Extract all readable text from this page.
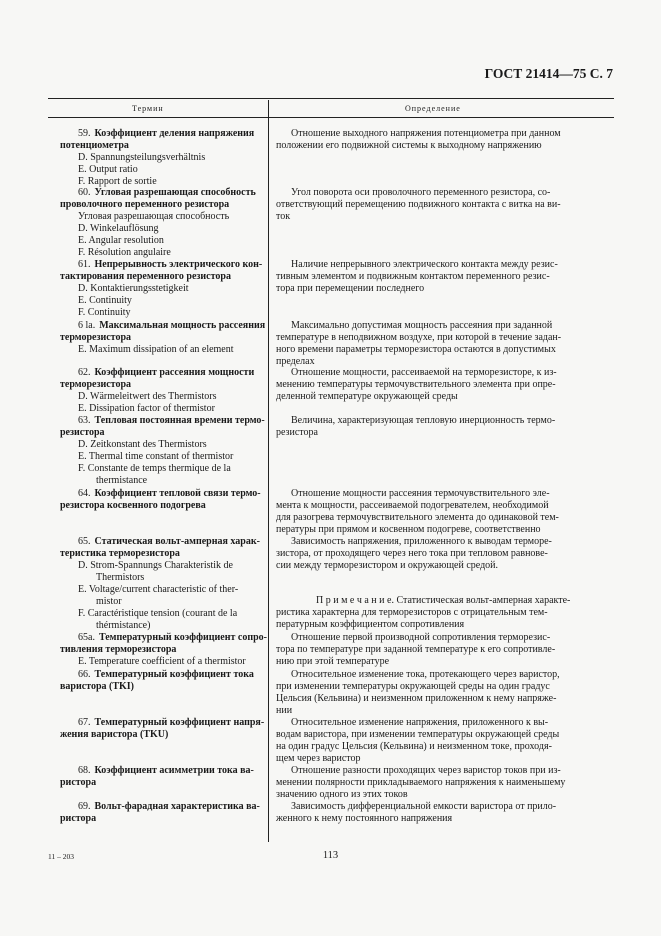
ГОСТ 21414—75 С. 7
Термин	Определение
59. Коэффициент деления напряжения
потенциометра
D. Spannungsteilungsverhältnis
E. Output ratio
F. Rapport de sortie
60. Угловая разрешающая способность
проволочного переменного резистора
Угловая разрешающая способность
D. Winkelauflösung
E. Angular resolution
F. Résolution angulaire
61. Непрерывность электрического кон-
тактирования переменного резистора
D. Kontaktierungsstetigkeit
E. Continuity
F. Continuity
6 la. Максимальная мощность рассеяния
терморезистора
E. Maximum dissipation of an element
62. Коэффициент рассеяния мощности
терморезистора
D. Wärmeleitwert des Thermistors
E. Dissipation factor of thermistor
63. Тепловая постоянная времени термо-
резистора
D. Zeitkonstant des Thermistors
E. Thermal time constant of thermistor
F. Constante de temps thermique de la
thermistance
64. Коэффициент тепловой связи термо-
резистора косвенного подогрева
65. Статическая вольт-амперная харак-
теристика терморезистора
D. Strom-Spannungs Charakteristik de
Thermistors
E. Voltage/current characteristic of ther-
mistor
F. Caractéristique tension (courant de la
thérmistance)
65а. Температурный коэффициент сопро-
тивления терморезистора
E. Temperature coefficient of a thermistor
66. Температурный коэффициент тока
варистора (TKI)
67. Температурный коэффициент напря-
жения варистора (TKU)
68. Коэффициент асимметрии тока ва-
ристора
69. Вольт-фарадная характеристика ва-
ристора
Отношение выходного напряжения потенциометра при данном
положении его подвижной системы к выходному напряжению
Угол поворота оси проволочного переменного резистора, со-
ответствующий перемещению подвижного контакта с витка на ви-
ток
Наличие непрерывного электрического контакта между резис-
тивным элементом и подвижным контактом переменного резис-
тора при перемещении последнего
Максимально допустимая мощность рассеяния при заданной
температуре в неподвижном воздухе, при которой в течение задан-
ного времени параметры терморезистора остаются в допустимых
пределах
Отношение мощности, рассеиваемой на терморезисторе, к из-
менению температуры термочувствительного элемента при опре-
деленной температуре окружающей среды
Величина, характеризующая тепловую инерционность термо-
резистора
Отношение мощности рассеяния термочувствительного эле-
мента к мощности, рассеиваемой подогревателем, необходимой
для разогрева термочувствительного элемента до одинаковой тем-
пературы при прямом и косвенном подогреве, соответственно
Зависимость напряжения, приложенного к выводам терморе-
зистора, от проходящего через него тока при тепловом равнове-
сии между терморезистором и окружающей средой.
П р и м е ч а н и е. Статистическая вольт-амперная характе-
ристика характерна для терморезисторов с отрицательным тем-
пературным коэффициентом сопротивления
Отношение первой производной сопротивления терморезис-
тора по температуре при заданной температуре к его сопротивле-
нию при этой температуре
Относительное изменение тока, протекающего через варистор,
при изменении температуры окружающей среды на один градус
Цельсия (Кельвина) и неизменном приложенном к нему напряже-
нии
Относительное изменение напряжения, приложенного к вы-
водам варистора, при изменении температуры окружающей среды
на один градус Цельсия (Кельвина) и неизменном токе, проходя-
щем через варистор
Отношение разности проходящих через варистор токов при из-
менении полярности прикладываемого напряжения к наименьшему
значению одного из этих токов
Зависимость дифференциальной емкости варистора от прило-
женного к нему постоянного напряжения
11 – 203	113
